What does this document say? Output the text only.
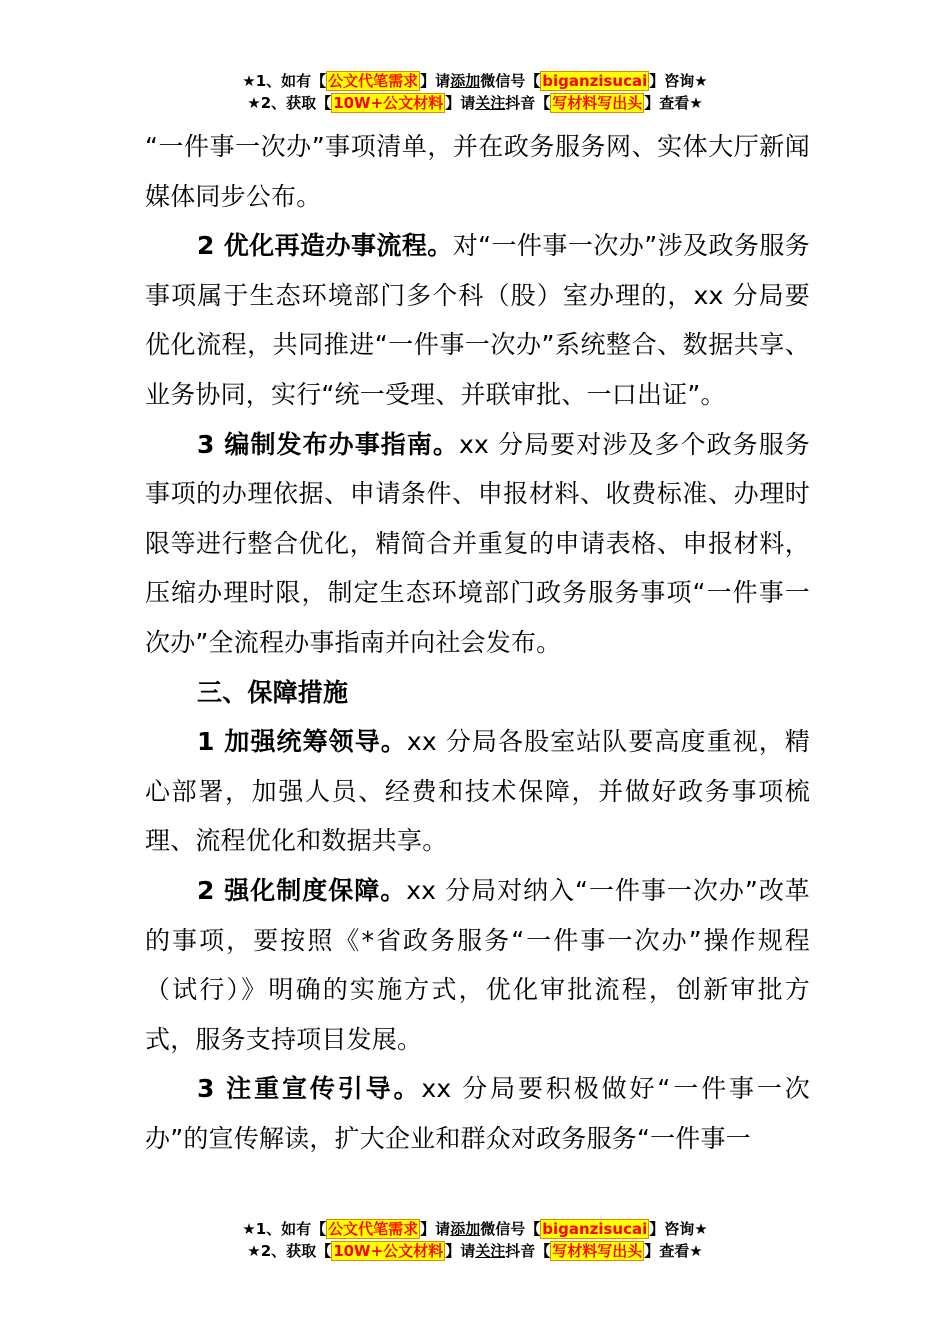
★1、如有【 公文代笔需求 】请添加微信号【 biganzisucai 】咨询★
★2、获取【 10W+公文材料 】请关注抖音【 写材料写出头 】查看★

“一件事一次办”事项清单，并在政务服务网、实体大厅新闻媒体同步公布。

2 优化再造办事流程。对“一件事一次办”涉及政务服务事项属于生态环境部门多个科（股）室办理的，xx 分局要优化流程，共同推进“一件事一次办”系统整合、数据共享、业务协同，实行“统一受理、并联审批、一口出证”。

3 编制发布办事指南。xx 分局要对涉及多个政务服务事项的办理依据、申请条件、申报材料、收费标准、办理时限等进行整合优化，精简合并重复的申请表格、申报材料，压缩办理时限，制定生态环境部门政务服务事项“一件事一次办”全流程办事指南并向社会发布。

三、保障措施

1 加强统筹领导。xx 分局各股室站队要高度重视，精心部署，加强人员、经费和技术保障，并做好政务事项梳理、流程优化和数据共享。

2 强化制度保障。xx 分局对纳入“一件事一次办”改革的事项，要按照《*省政务服务“一件事一次办”操作规程（试行）》明确的实施方式，优化审批流程，创新审批方式，服务支持项目发展。

3 注重宣传引导。xx 分局要积极做好“一件事一次办”的宣传解读，扩大企业和群众对政务服务“一件事一

★1、如有【 公文代笔需求 】请添加微信号【 biganzisucai 】咨询★
★2、获取【 10W+公文材料 】请关注抖音【 写材料写出头 】查看★
